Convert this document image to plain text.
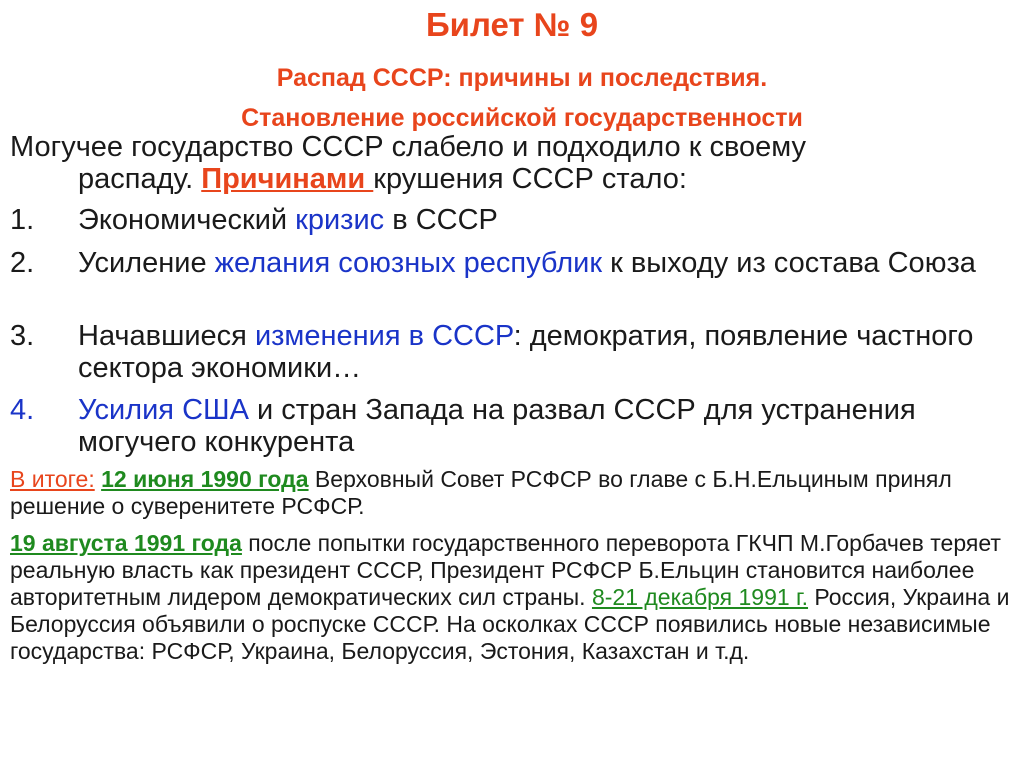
Билет № 9
Распад СССР: причины и последствия.
Становление российской государственности
Могучее государство СССР слабело и подходило к своему
распаду. Причинами крушения СССР стало:
1.	Экономический кризис в СССР
2.	Усиление желания союзных республик к выходу из состава Союза
3.	Начавшиеся изменения в СССР: демократия, появление частного сектора экономики…
4.	Усилия США и стран Запада на развал СССР для устранения могучего конкурента
В итоге: 12 июня 1990 года Верховный Совет РСФСР во главе с Б.Н.Ельциным принял решение о суверенитете РСФСР.
19 августа 1991 года после попытки государственного переворота ГКЧП М.Горбачев теряет реальную власть как президент СССР, Президент РСФСР Б.Ельцин становится наиболее авторитетным лидером демократических сил страны. 8-21 декабря 1991 г. Россия, Украина и Белоруссия объявили о роспуске СССР. На осколках СССР появились новые независимые государства: РСФСР, Украина, Белоруссия, Эстония, Казахстан и т.д.
